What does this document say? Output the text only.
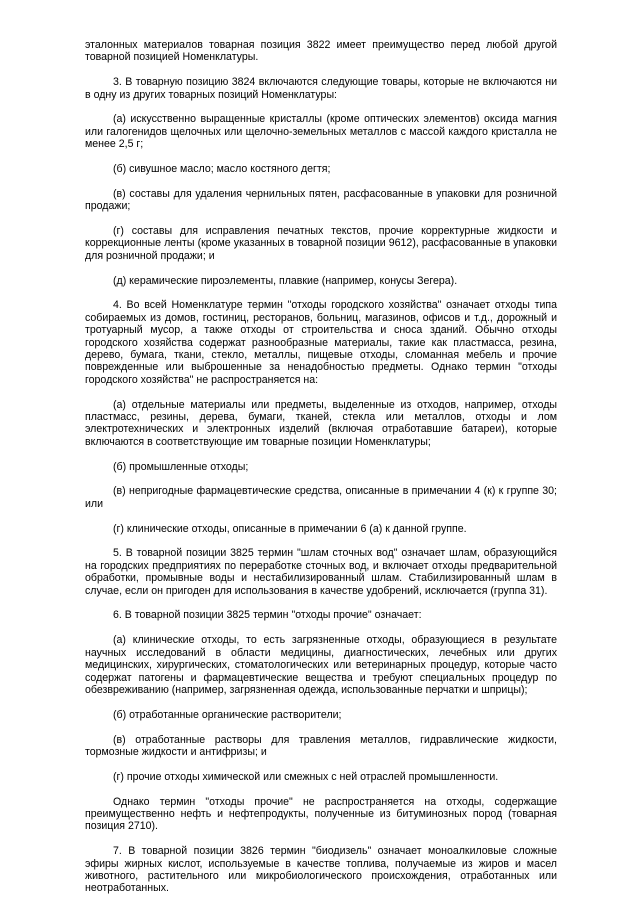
эталонных материалов товарная позиция 3822 имеет преимущество перед любой другой товарной позицией Номенклатуры.

3. В товарную позицию 3824 включаются следующие товары, которые не включаются ни в одну из других товарных позиций Номенклатуры:

(а) искусственно выращенные кристаллы (кроме оптических элементов) оксида магния или галогенидов щелочных или щелочно-земельных металлов с массой каждого кристалла не менее 2,5 г;

(б) сивушное масло; масло костяного дегтя;

(в) составы для удаления чернильных пятен, расфасованные в упаковки для розничной продажи;

(г) составы для исправления печатных текстов, прочие корректурные жидкости и коррекционные ленты (кроме указанных в товарной позиции 9612), расфасованные в упаковки для розничной продажи; и

(д) керамические пироэлементы, плавкие (например, конусы Зегера).

4. Во всей Номенклатуре термин "отходы городского хозяйства" означает отходы типа собираемых из домов, гостиниц, ресторанов, больниц, магазинов, офисов и т.д., дорожный и тротуарный мусор, а также отходы от строительства и сноса зданий. Обычно отходы городского хозяйства содержат разнообразные материалы, такие как пластмасса, резина, дерево, бумага, ткани, стекло, металлы, пищевые отходы, сломанная мебель и прочие поврежденные или выброшенные за ненадобностью предметы. Однако термин "отходы городского хозяйства" не распространяется на:

(а) отдельные материалы или предметы, выделенные из отходов, например, отходы пластмасс, резины, дерева, бумаги, тканей, стекла или металлов, отходы и лом электротехнических и электронных изделий (включая отработавшие батареи), которые включаются в соответствующие им товарные позиции Номенклатуры;

(б) промышленные отходы;

(в) непригодные фармацевтические средства, описанные в примечании 4 (к) к группе 30; или

(г) клинические отходы, описанные в примечании 6 (а) к данной группе.

5. В товарной позиции 3825 термин "шлам сточных вод" означает шлам, образующийся на городских предприятиях по переработке сточных вод, и включает отходы предварительной обработки, промывные воды и нестабилизированный шлам. Стабилизированный шлам в случае, если он пригоден для использования в качестве удобрений, исключается (группа 31).

6. В товарной позиции 3825 термин "отходы прочие" означает:

(а) клинические отходы, то есть загрязненные отходы, образующиеся в результате научных исследований в области медицины, диагностических, лечебных или других медицинских, хирургических, стоматологических или ветеринарных процедур, которые часто содержат патогены и фармацевтические вещества и требуют специальных процедур по обезвреживанию (например, загрязненная одежда, использованные перчатки и шприцы);

(б) отработанные органические растворители;

(в) отработанные растворы для травления металлов, гидравлические жидкости, тормозные жидкости и антифризы; и

(г) прочие отходы химической или смежных с ней отраслей промышленности.

Однако термин "отходы прочие" не распространяется на отходы, содержащие преимущественно нефть и нефтепродукты, полученные из битуминозных пород (товарная позиция 2710).

7. В товарной позиции 3826 термин "биодизель" означает моноалкиловые сложные эфиры жирных кислот, используемые в качестве топлива, получаемые из жиров и масел животного, растительного или микробиологического происхождения, отработанных или неотработанных.
